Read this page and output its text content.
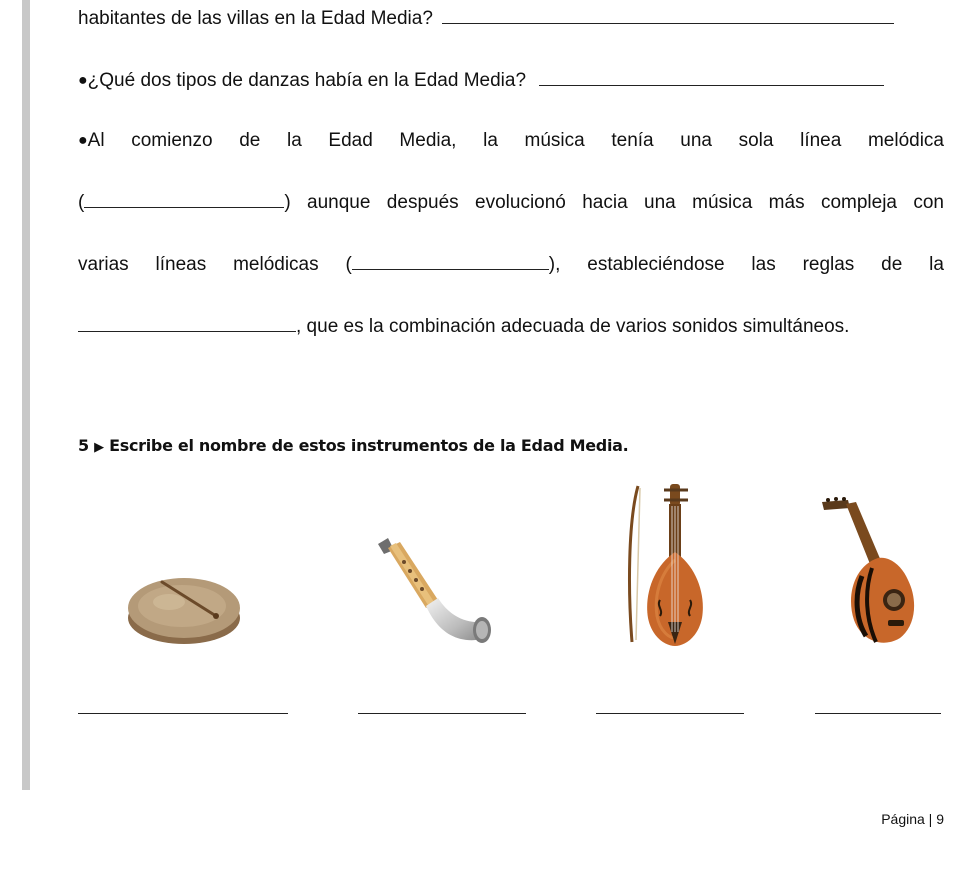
habitantes de las villas en la Edad Media?
●¿Qué dos tipos de danzas había en la Edad Media?
●Al comienzo de la Edad Media, la música tenía una sola línea melódica
(	) aunque después evolucionó hacia una música más compleja con
varias líneas melódicas (	), estableciéndose las reglas de la
, que es la combinación adecuada de varios sonidos simultáneos.
5 ▶ Escribe el nombre de estos instrumentos de la Edad Media.
Página | 9
